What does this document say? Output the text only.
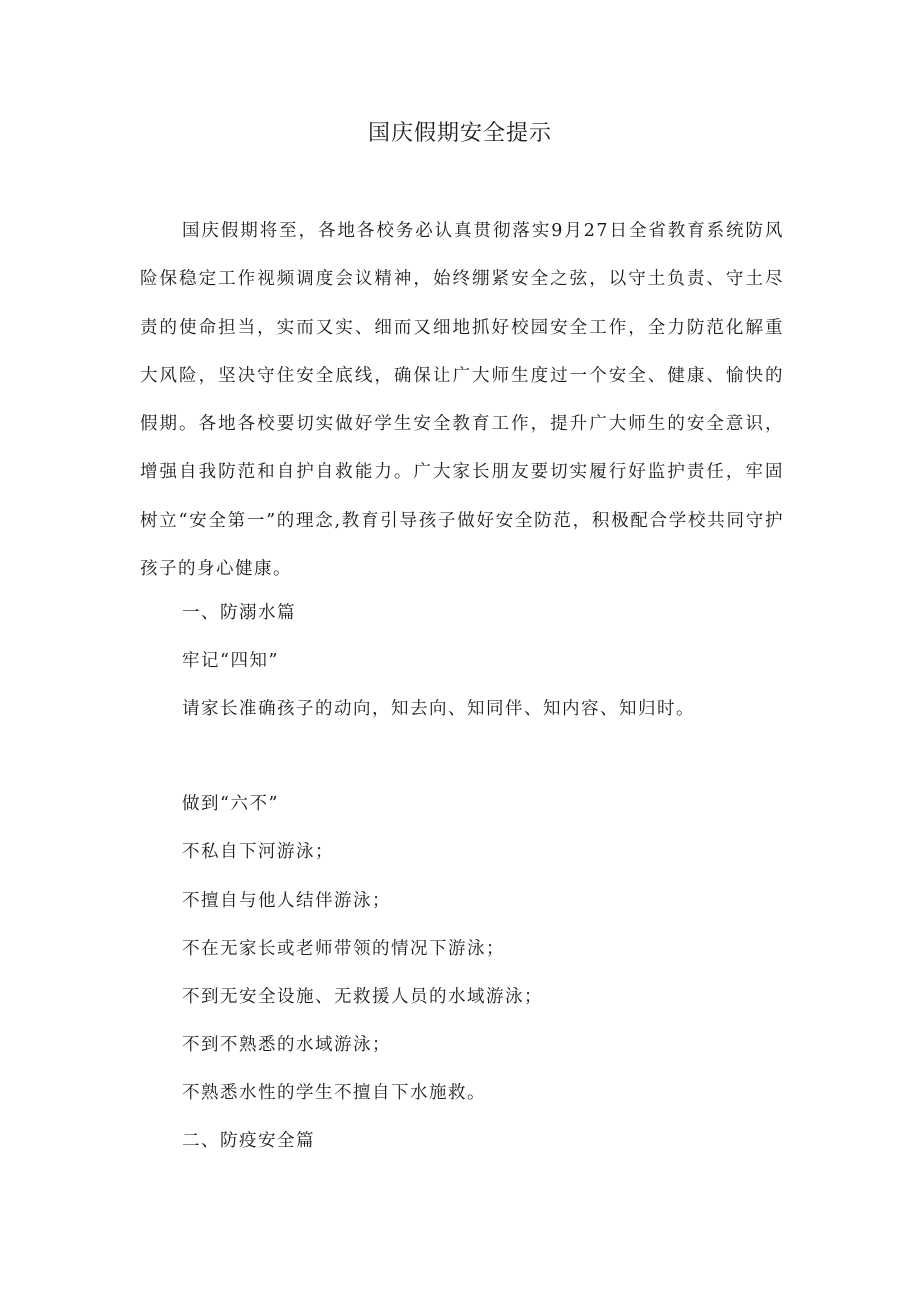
国庆假期安全提示
国庆假期将至，各地各校务必认真贯彻落实9月27日全省教育系统防风险保稳定工作视频调度会议精神，始终绷紧安全之弦，以守土负责、守土尽责的使命担当，实而又实、细而又细地抓好校园安全工作，全力防范化解重大风险，坚决守住安全底线，确保让广大师生度过一个安全、健康、愉快的假期。各地各校要切实做好学生安全教育工作，提升广大师生的安全意识，增强自我防范和自护自救能力。广大家长朋友要切实履行好监护责任，牢固树立“安全第一”的理念,教育引导孩子做好安全防范，积极配合学校共同守护孩子的身心健康。
一、防溺水篇
牢记“四知”
请家长准确孩子的动向，知去向、知同伴、知内容、知归时。
做到“六不”
不私自下河游泳；
不擅自与他人结伴游泳；
不在无家长或老师带领的情况下游泳；
不到无安全设施、无救援人员的水域游泳；
不到不熟悉的水域游泳；
不熟悉水性的学生不擅自下水施救。
二、防疫安全篇
